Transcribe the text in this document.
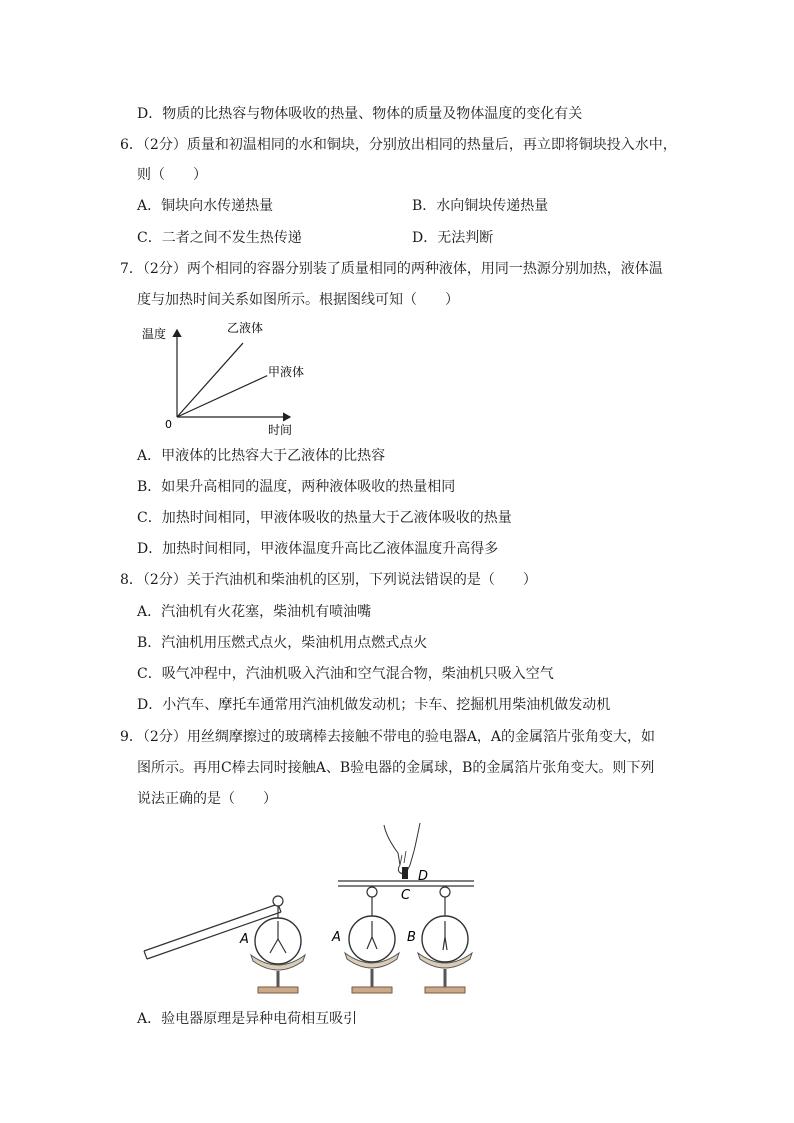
D．物质的比热容与物体吸收的热量、物体的质量及物体温度的变化有关
6．（2分）质量和初温相同的水和铜块，分别放出相同的热量后，再立即将铜块投入水中，
则（　　）
A．铜块向水传递热量	B．水向铜块传递热量
C．二者之间不发生热传递	D．无法判断
7．（2分）两个相同的容器分别装了质量相同的两种液体，用同一热源分别加热，液体温
度与加热时间关系如图所示。根据图线可知（　　）
温度
时间
0
乙液体
甲液体
A．甲液体的比热容大于乙液体的比热容
B．如果升高相同的温度，两种液体吸收的热量相同
C．加热时间相同，甲液体吸收的热量大于乙液体吸收的热量
D．加热时间相同，甲液体温度升高比乙液体温度升高得多
8．（2分）关于汽油机和柴油机的区别，下列说法错误的是（　　）
A．汽油机有火花塞，柴油机有喷油嘴
B．汽油机用压燃式点火，柴油机用点燃式点火
C．吸气冲程中，汽油机吸入汽油和空气混合物，柴油机只吸入空气
D．小汽车、摩托车通常用汽油机做发动机；卡车、挖掘机用柴油机做发动机
9．（2分）用丝绸摩擦过的玻璃棒去接触不带电的验电器A，A的金属箔片张角变大，如
图所示。再用C棒去同时接触A、B验电器的金属球，B的金属箔片张角变大。则下列
说法正确的是（　　）
A
D
C
A	B
A．验电器原理是异种电荷相互吸引
